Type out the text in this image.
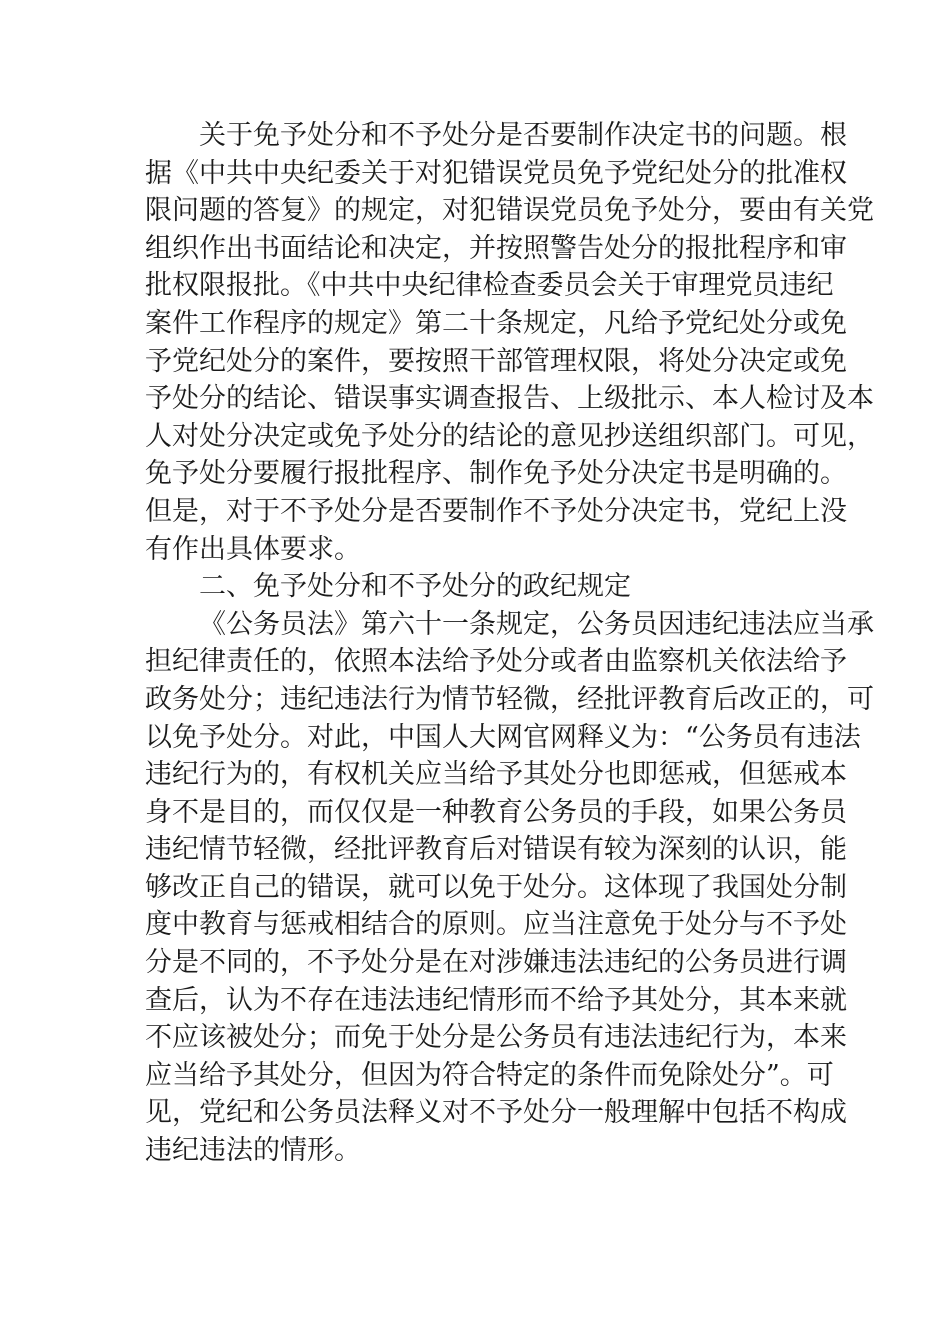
关于免予处分和不予处分是否要制作决定书的问题。根
据《中共中央纪委关于对犯错误党员免予党纪处分的批准权
限问题的答复》的规定，对犯错误党员免予处分，要由有关党
组织作出书面结论和决定，并按照警告处分的报批程序和审
批权限报批。《中共中央纪律检查委员会关于审理党员违纪
案件工作程序的规定》第二十条规定，凡给予党纪处分或免
予党纪处分的案件，要按照干部管理权限，将处分决定或免
予处分的结论、错误事实调查报告、上级批示、本人检讨及本
人对处分决定或免予处分的结论的意见抄送组织部门。可见，
免予处分要履行报批程序、制作免予处分决定书是明确的。
但是，对于不予处分是否要制作不予处分决定书，党纪上没
有作出具体要求。
二、免予处分和不予处分的政纪规定
《公务员法》第六十一条规定，公务员因违纪违法应当承
担纪律责任的，依照本法给予处分或者由监察机关依法给予
政务处分；违纪违法行为情节轻微，经批评教育后改正的，可
以免予处分。对此，中国人大网官网释义为：“公务员有违法
违纪行为的，有权机关应当给予其处分也即惩戒，但惩戒本
身不是目的，而仅仅是一种教育公务员的手段，如果公务员
违纪情节轻微，经批评教育后对错误有较为深刻的认识，能
够改正自己的错误，就可以免于处分。这体现了我国处分制
度中教育与惩戒相结合的原则。应当注意免于处分与不予处
分是不同的，不予处分是在对涉嫌违法违纪的公务员进行调
查后，认为不存在违法违纪情形而不给予其处分，其本来就
不应该被处分；而免于处分是公务员有违法违纪行为，本来
应当给予其处分，但因为符合特定的条件而免除处分”。可
见，党纪和公务员法释义对不予处分一般理解中包括不构成
违纪违法的情形。
